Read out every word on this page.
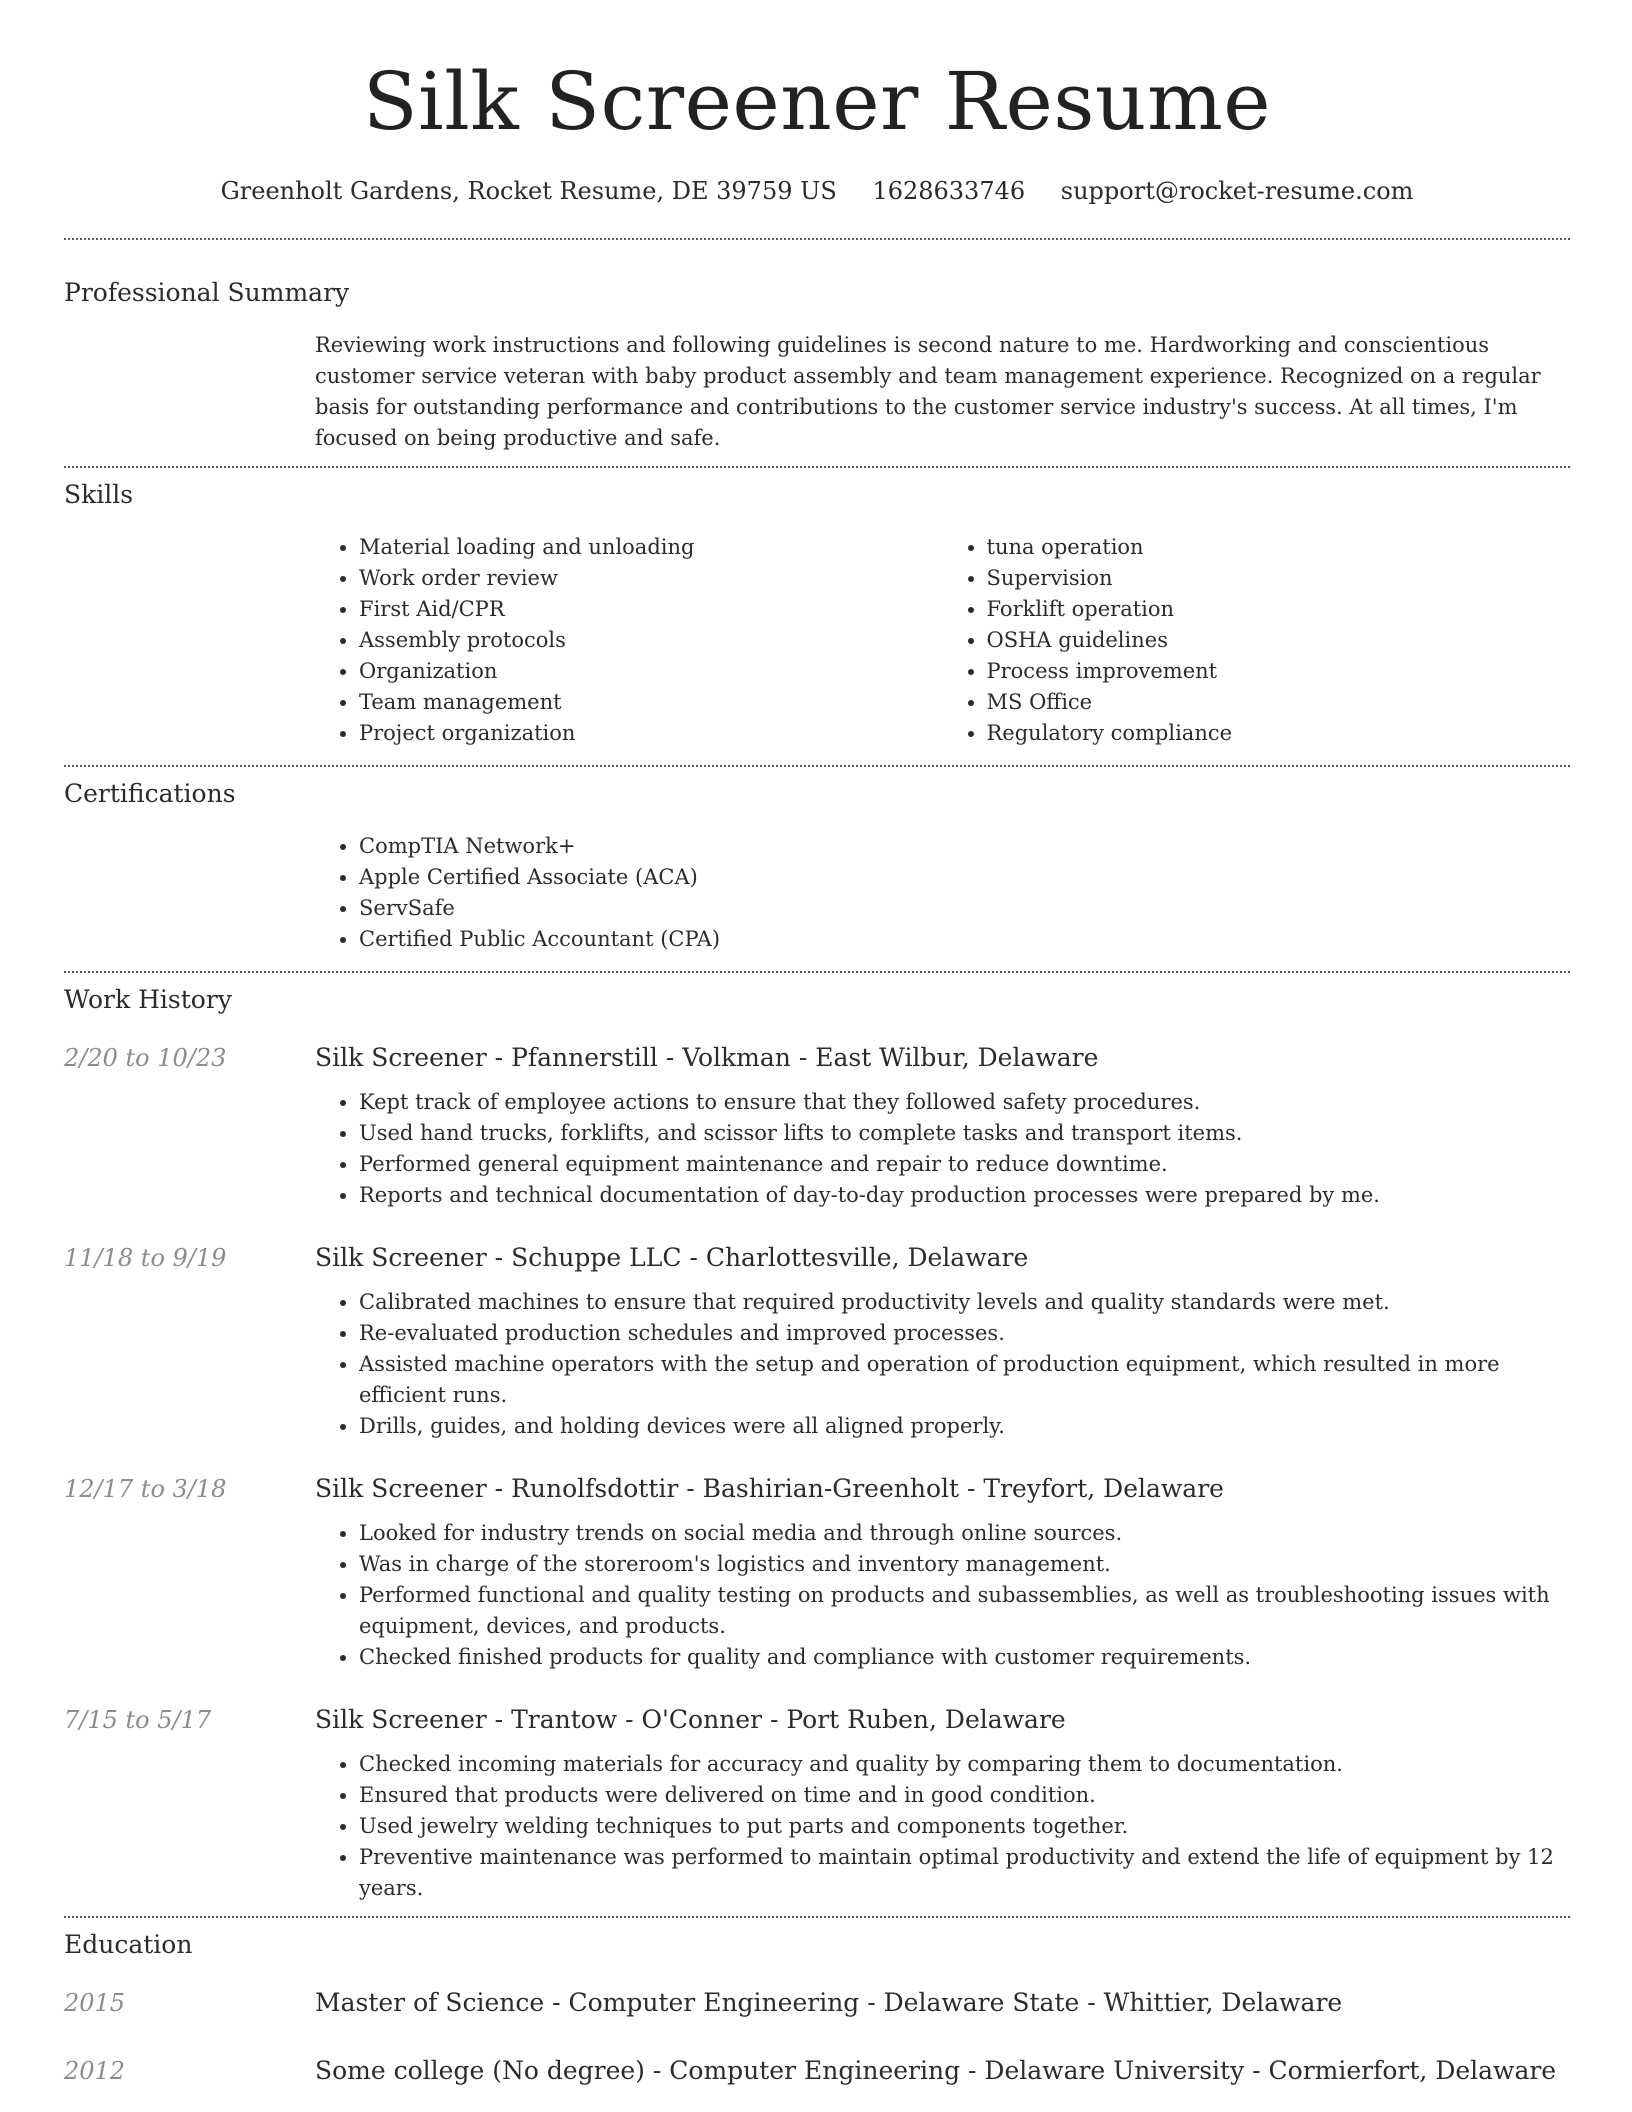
Silk Screener Resume
Greenholt Gardens, Rocket Resume, DE 39759 US 1628633746 support@rocket-resume.com
Professional Summary

Reviewing work instructions and following guidelines is second nature to me. Hardworking and conscientious customer service veteran with baby product assembly and team management experience. Recognized on a regular basis for outstanding performance and contributions to the customer service industry's success. At all times, I'm focused on being productive and safe.

Skills
• Material loading and unloading
• Work order review
• First Aid/CPR
• Assembly protocols
• Organization
• Team management
• Project organization
• tuna operation
• Supervision
• Forklift operation
• OSHA guidelines
• Process improvement
• MS Office
• Regulatory compliance
Certifications
• CompTIA Network+
• Apple Certified Associate (ACA)
• ServSafe
• Certified Public Accountant (CPA)
Work History
2/20 to 10/23	Silk Screener - Pfannerstill - Volkman - East Wilbur, Delaware
• Kept track of employee actions to ensure that they followed safety procedures.
• Used hand trucks, forklifts, and scissor lifts to complete tasks and transport items.
• Performed general equipment maintenance and repair to reduce downtime.
• Reports and technical documentation of day-to-day production processes were prepared by me.
11/18 to 9/19	Silk Screener - Schuppe LLC - Charlottesville, Delaware
• Calibrated machines to ensure that required productivity levels and quality standards were met.
• Re-evaluated production schedules and improved processes.
• Assisted machine operators with the setup and operation of production equipment, which resulted in more efficient runs.
• Drills, guides, and holding devices were all aligned properly.
12/17 to 3/18	Silk Screener - Runolfsdottir - Bashirian-Greenholt - Treyfort, Delaware
• Looked for industry trends on social media and through online sources.
• Was in charge of the storeroom's logistics and inventory management.
• Performed functional and quality testing on products and subassemblies, as well as troubleshooting issues with equipment, devices, and products.
• Checked finished products for quality and compliance with customer requirements.
7/15 to 5/17	Silk Screener - Trantow - O'Conner - Port Ruben, Delaware
• Checked incoming materials for accuracy and quality by comparing them to documentation.
• Ensured that products were delivered on time and in good condition.
• Used jewelry welding techniques to put parts and components together.
• Preventive maintenance was performed to maintain optimal productivity and extend the life of equipment by 12 years.
Education
2015	Master of Science - Computer Engineering - Delaware State - Whittier, Delaware
2012	Some college (No degree) - Computer Engineering - Delaware University - Cormierfort, Delaware
